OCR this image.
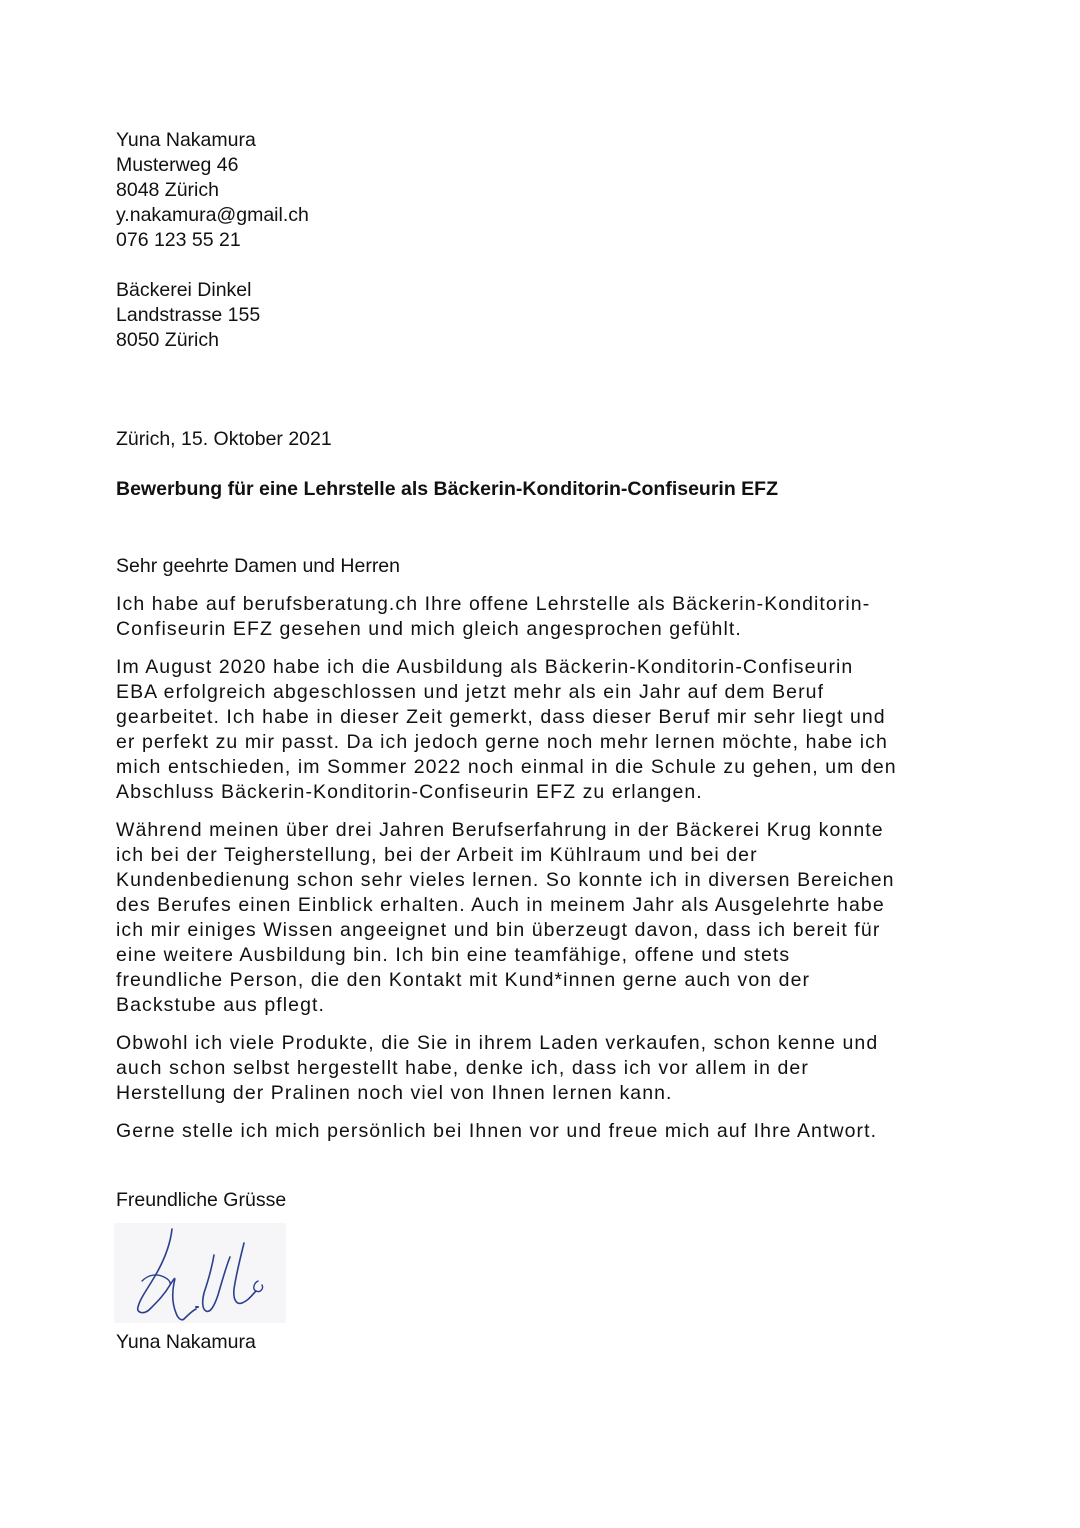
Yuna Nakamura
Musterweg 46
8048 Zürich
y.nakamura@gmail.ch
076 123 55 21
Bäckerei Dinkel
Landstrasse 155
8050 Zürich
Zürich, 15. Oktober 2021
Bewerbung für eine Lehrstelle als Bäckerin-Konditorin-Confiseurin EFZ
Sehr geehrte Damen und Herren
Ich habe auf berufsberatung.ch Ihre offene Lehrstelle als Bäckerin-Konditorin-
Confiseurin EFZ gesehen und mich gleich angesprochen gefühlt.
Im August 2020 habe ich die Ausbildung als Bäckerin-Konditorin-Confiseurin
EBA erfolgreich abgeschlossen und jetzt mehr als ein Jahr auf dem Beruf
gearbeitet. Ich habe in dieser Zeit gemerkt, dass dieser Beruf mir sehr liegt und
er perfekt zu mir passt. Da ich jedoch gerne noch mehr lernen möchte, habe ich
mich entschieden, im Sommer 2022 noch einmal in die Schule zu gehen, um den
Abschluss Bäckerin-Konditorin-Confiseurin EFZ zu erlangen.
Während meinen über drei Jahren Berufserfahrung in der Bäckerei Krug konnte
ich bei der Teigherstellung, bei der Arbeit im Kühlraum und bei der
Kundenbedienung schon sehr vieles lernen. So konnte ich in diversen Bereichen
des Berufes einen Einblick erhalten. Auch in meinem Jahr als Ausgelehrte habe
ich mir einiges Wissen angeeignet und bin überzeugt davon, dass ich bereit für
eine weitere Ausbildung bin. Ich bin eine teamfähige, offene und stets
freundliche Person, die den Kontakt mit Kund*innen gerne auch von der
Backstube aus pflegt.
Obwohl ich viele Produkte, die Sie in ihrem Laden verkaufen, schon kenne und
auch schon selbst hergestellt habe, denke ich, dass ich vor allem in der
Herstellung der Pralinen noch viel von Ihnen lernen kann.
Gerne stelle ich mich persönlich bei Ihnen vor und freue mich auf Ihre Antwort.
Freundliche Grüsse
Yuna Nakamura
